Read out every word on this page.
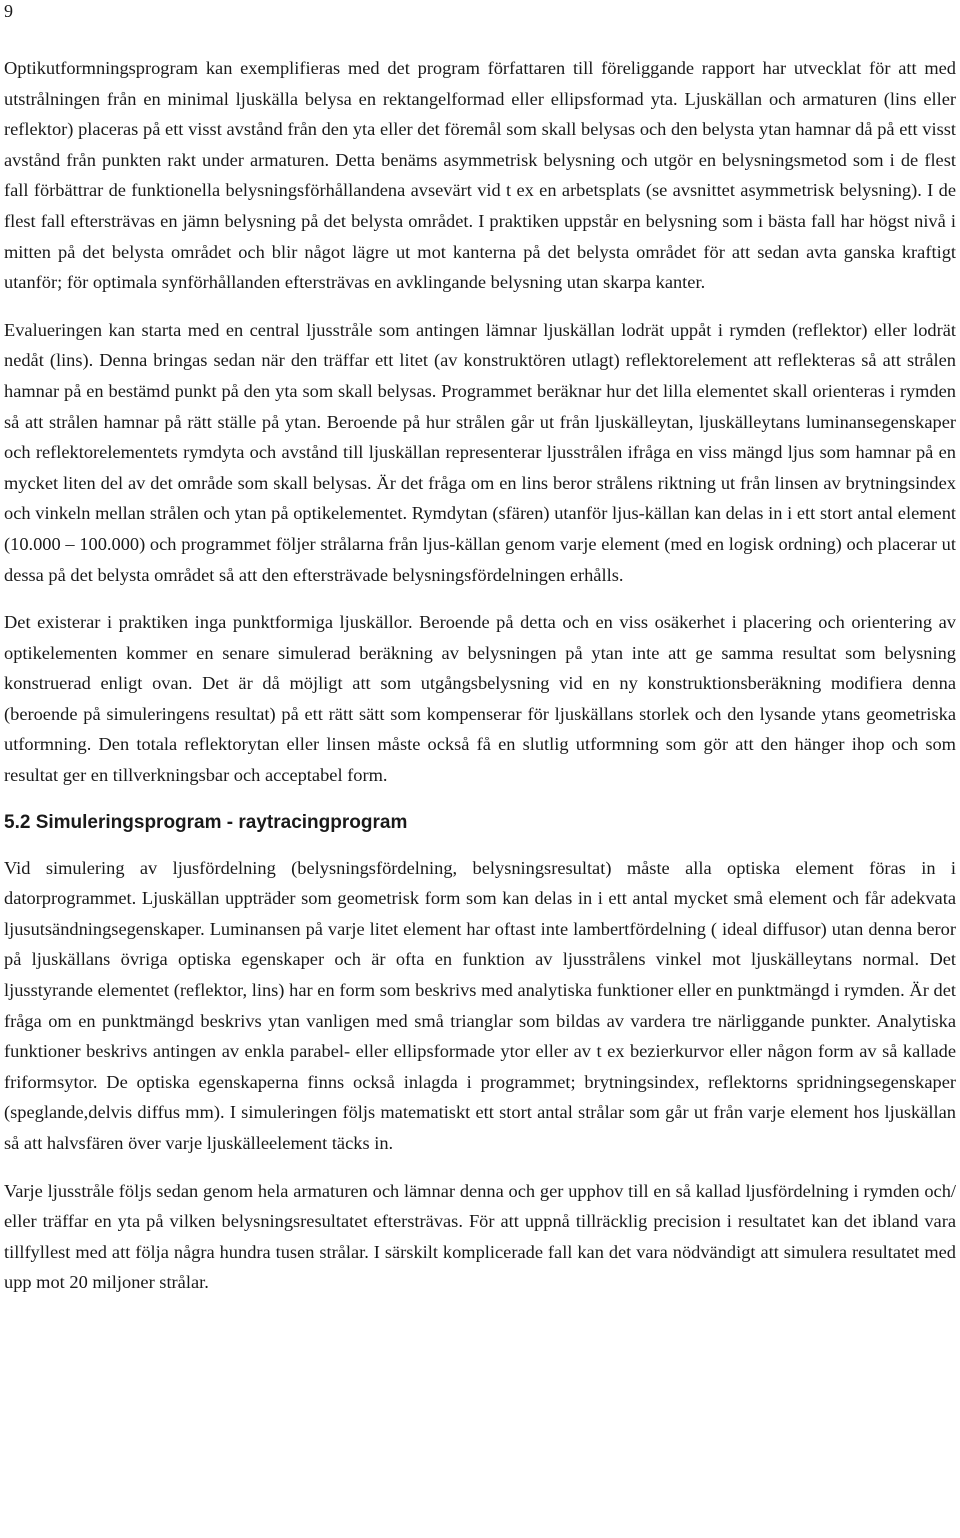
9

Optikutformningsprogram kan exemplifieras med det program författaren till föreliggande rapport har utvecklat för att med utstrålningen från en minimal ljuskälla belysa en rektangelformad eller ellipsformad yta. Ljuskällan och armaturen (lins eller reflektor) placeras på ett visst avstånd från den yta eller det föremål som skall belysas och den belysta ytan hamnar då på ett visst avstånd från punkten rakt under armaturen. Detta benäms asymmetrisk belysning och utgör en belysningsmetod som i de flest fall förbättrar de funktionella belysningsförhållandena avsevärt vid t ex en arbetsplats (se avsnittet asymmetrisk belysning). I de flest fall eftersträvas en jämn belysning på det belysta området. I praktiken uppstår en belysning som i bästa fall har högst nivå i mitten på det belysta området och blir något lägre ut mot kanterna på det belysta området för att sedan avta ganska kraftigt utanför; för optimala synförhållanden eftersträvas en avklingande belysning utan skarpa kanter.

Evalueringen kan starta med en central ljusstråle som antingen lämnar ljuskällan lodrät uppåt i rymden (reflektor) eller lodrät nedåt (lins). Denna bringas sedan när den träffar ett litet (av konstruktören utlagt) reflektorelement att reflekteras så att strålen hamnar på en bestämd punkt på den yta som skall belysas. Programmet beräknar hur det lilla elementet skall orienteras i rymden så att strålen hamnar på rätt ställe på ytan. Beroende på hur strålen går ut från ljuskälleytan, ljuskälleytans luminansegenskaper och reflektorelementets rymdyta och avstånd till ljuskällan representerar ljusstrålen ifråga en viss mängd ljus som hamnar på en mycket liten del av det område som skall belysas. Är det fråga om en lins beror strålens riktning ut från linsen av brytningsindex och vinkeln mellan strålen och ytan på optikelementet. Rymdytan (sfären) utanför ljus-källan kan delas in i ett stort antal element (10.000 – 100.000) och programmet följer strålarna från ljus-källan genom varje element (med en logisk ordning) och placerar ut dessa på det belysta området så att den eftersträvade belysningsfördelningen erhålls.

Det existerar i praktiken inga punktformiga ljuskällor. Beroende på detta och en viss osäkerhet i placering och orientering av optikelementen kommer en senare simulerad beräkning av belysningen på ytan inte att ge samma resultat som belysning konstruerad enligt ovan. Det är då möjligt att som utgångsbelysning vid en ny konstruktionsberäkning modifiera denna (beroende på simuleringens resultat) på ett rätt sätt som kompenserar för ljuskällans storlek och den lysande ytans geometriska utformning. Den totala reflektorytan eller linsen måste också få en slutlig utformning som gör att den hänger ihop och som resultat ger en tillverkningsbar och acceptabel form.

5.2 Simuleringsprogram - raytracingprogram

Vid simulering av ljusfördelning (belysningsfördelning, belysningsresultat) måste alla optiska element föras in i datorprogrammet. Ljuskällan uppträder som geometrisk form som kan delas in i ett antal mycket små element och får adekvata ljusutsändningsegenskaper. Luminansen på varje litet element har oftast inte lambertfördelning ( ideal diffusor) utan denna beror på ljuskällans övriga optiska egenskaper och är ofta en funktion av ljusstrålens vinkel mot ljuskälleytans normal. Det ljusstyrande elementet (reflektor, lins) har en form som beskrivs med analytiska funktioner eller en punktmängd i rymden. Är det fråga om en punktmängd beskrivs ytan vanligen med små trianglar som bildas av vardera tre närliggande punkter. Analytiska funktioner beskrivs antingen av enkla parabel- eller ellipsformade ytor eller av t ex bezierkurvor eller någon form av så kallade friformsytor. De optiska egenskaperna finns också inlagda i programmet; brytningsindex, reflektorns spridningsegenskaper (speglande,delvis diffus mm). I simuleringen följs matematiskt ett stort antal strålar som går ut från varje element hos ljuskällan så att halvsfären över varje ljuskälleelement täcks in.

Varje ljusstråle följs sedan genom hela armaturen och lämnar denna och ger upphov till en så kallad ljusfördelning i rymden och/ eller träffar en yta på vilken belysningsresultatet eftersträvas. För att uppnå tillräcklig precision i resultatet kan det ibland vara tillfyllest med att följa några hundra tusen strålar. I särskilt komplicerade fall kan det vara nödvändigt att simulera resultatet med upp mot 20 miljoner strålar.
